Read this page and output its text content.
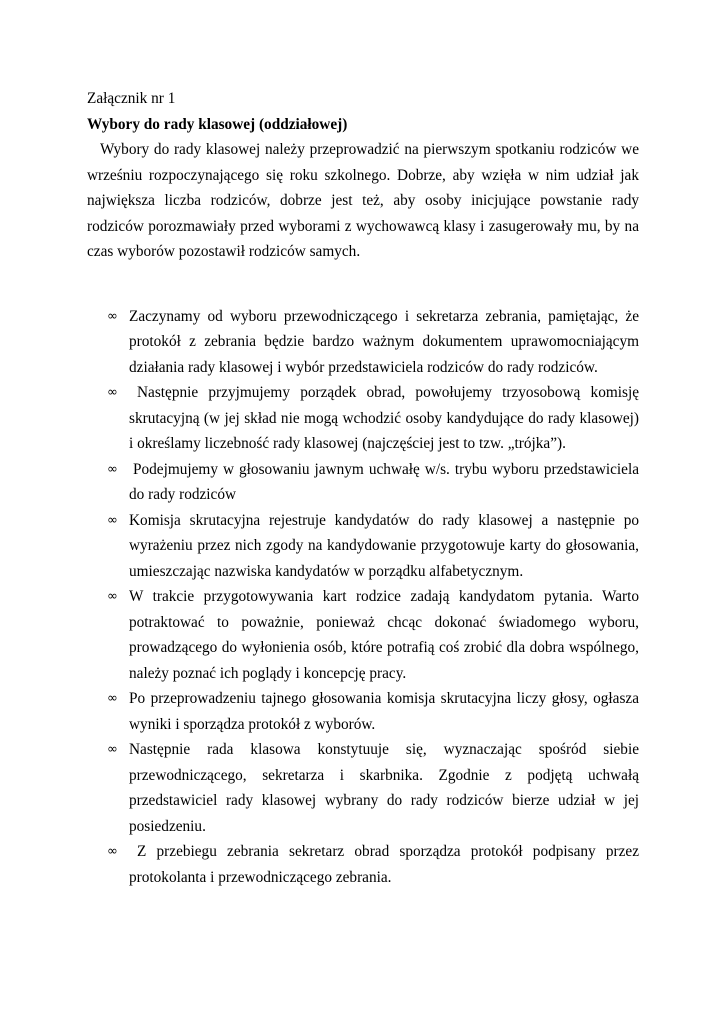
Załącznik nr 1

Wybory do rady klasowej (oddziałowej)

Wybory do rady klasowej należy przeprowadzić na pierwszym spotkaniu rodziców we wrześniu rozpoczynającego się roku szkolnego. Dobrze, aby wzięła w nim udział jak największa liczba rodziców, dobrze jest też, aby osoby inicjujące powstanie rady rodziców porozmawiały przed wyborami z wychowawcą klasy i zasugerowały mu, by na czas wyborów pozostawił rodziców samych.

∞ Zaczynamy od wyboru przewodniczącego i sekretarza zebrania, pamiętając, że protokół z zebrania będzie bardzo ważnym dokumentem uprawomocniającym działania rady klasowej i wybór przedstawiciela rodziców do rady rodziców.
∞	Następnie przyjmujemy porządek obrad, powołujemy trzyosobową komisję skrutacyjną (w jej skład nie mogą wchodzić osoby kandydujące do rady klasowej) i określamy liczebność rady klasowej (najczęściej jest to tzw. „trójka”).
∞ Podejmujemy w głosowaniu jawnym uchwałę w/s. trybu wyboru przedstawiciela do rady rodziców
∞ Komisja skrutacyjna rejestruje kandydatów do rady klasowej a następnie po wyrażeniu przez nich zgody na kandydowanie przygotowuje karty do głosowania, umieszczając nazwiska kandydatów w porządku alfabetycznym.
∞ W trakcie przygotowywania kart rodzice zadają kandydatom pytania. Warto potraktować to poważnie, ponieważ chcąc dokonać świadomego wyboru, prowadzącego do wyłonienia osób, które potrafią coś zrobić dla dobra wspólnego, należy poznać ich poglądy i koncepcję pracy.
∞ Po przeprowadzeniu tajnego głosowania komisja skrutacyjna liczy głosy, ogłasza wyniki i sporządza protokół z wyborów.
∞ Następnie rada klasowa konstytuuje się, wyznaczając spośród siebie przewodniczącego, sekretarza i skarbnika. Zgodnie z podjętą uchwałą przedstawiciel rady klasowej wybrany do rady rodziców bierze udział w jej posiedzeniu.
∞	Z przebiegu zebrania sekretarz obrad sporządza protokół podpisany przez protokolanta i przewodniczącego zebrania.
